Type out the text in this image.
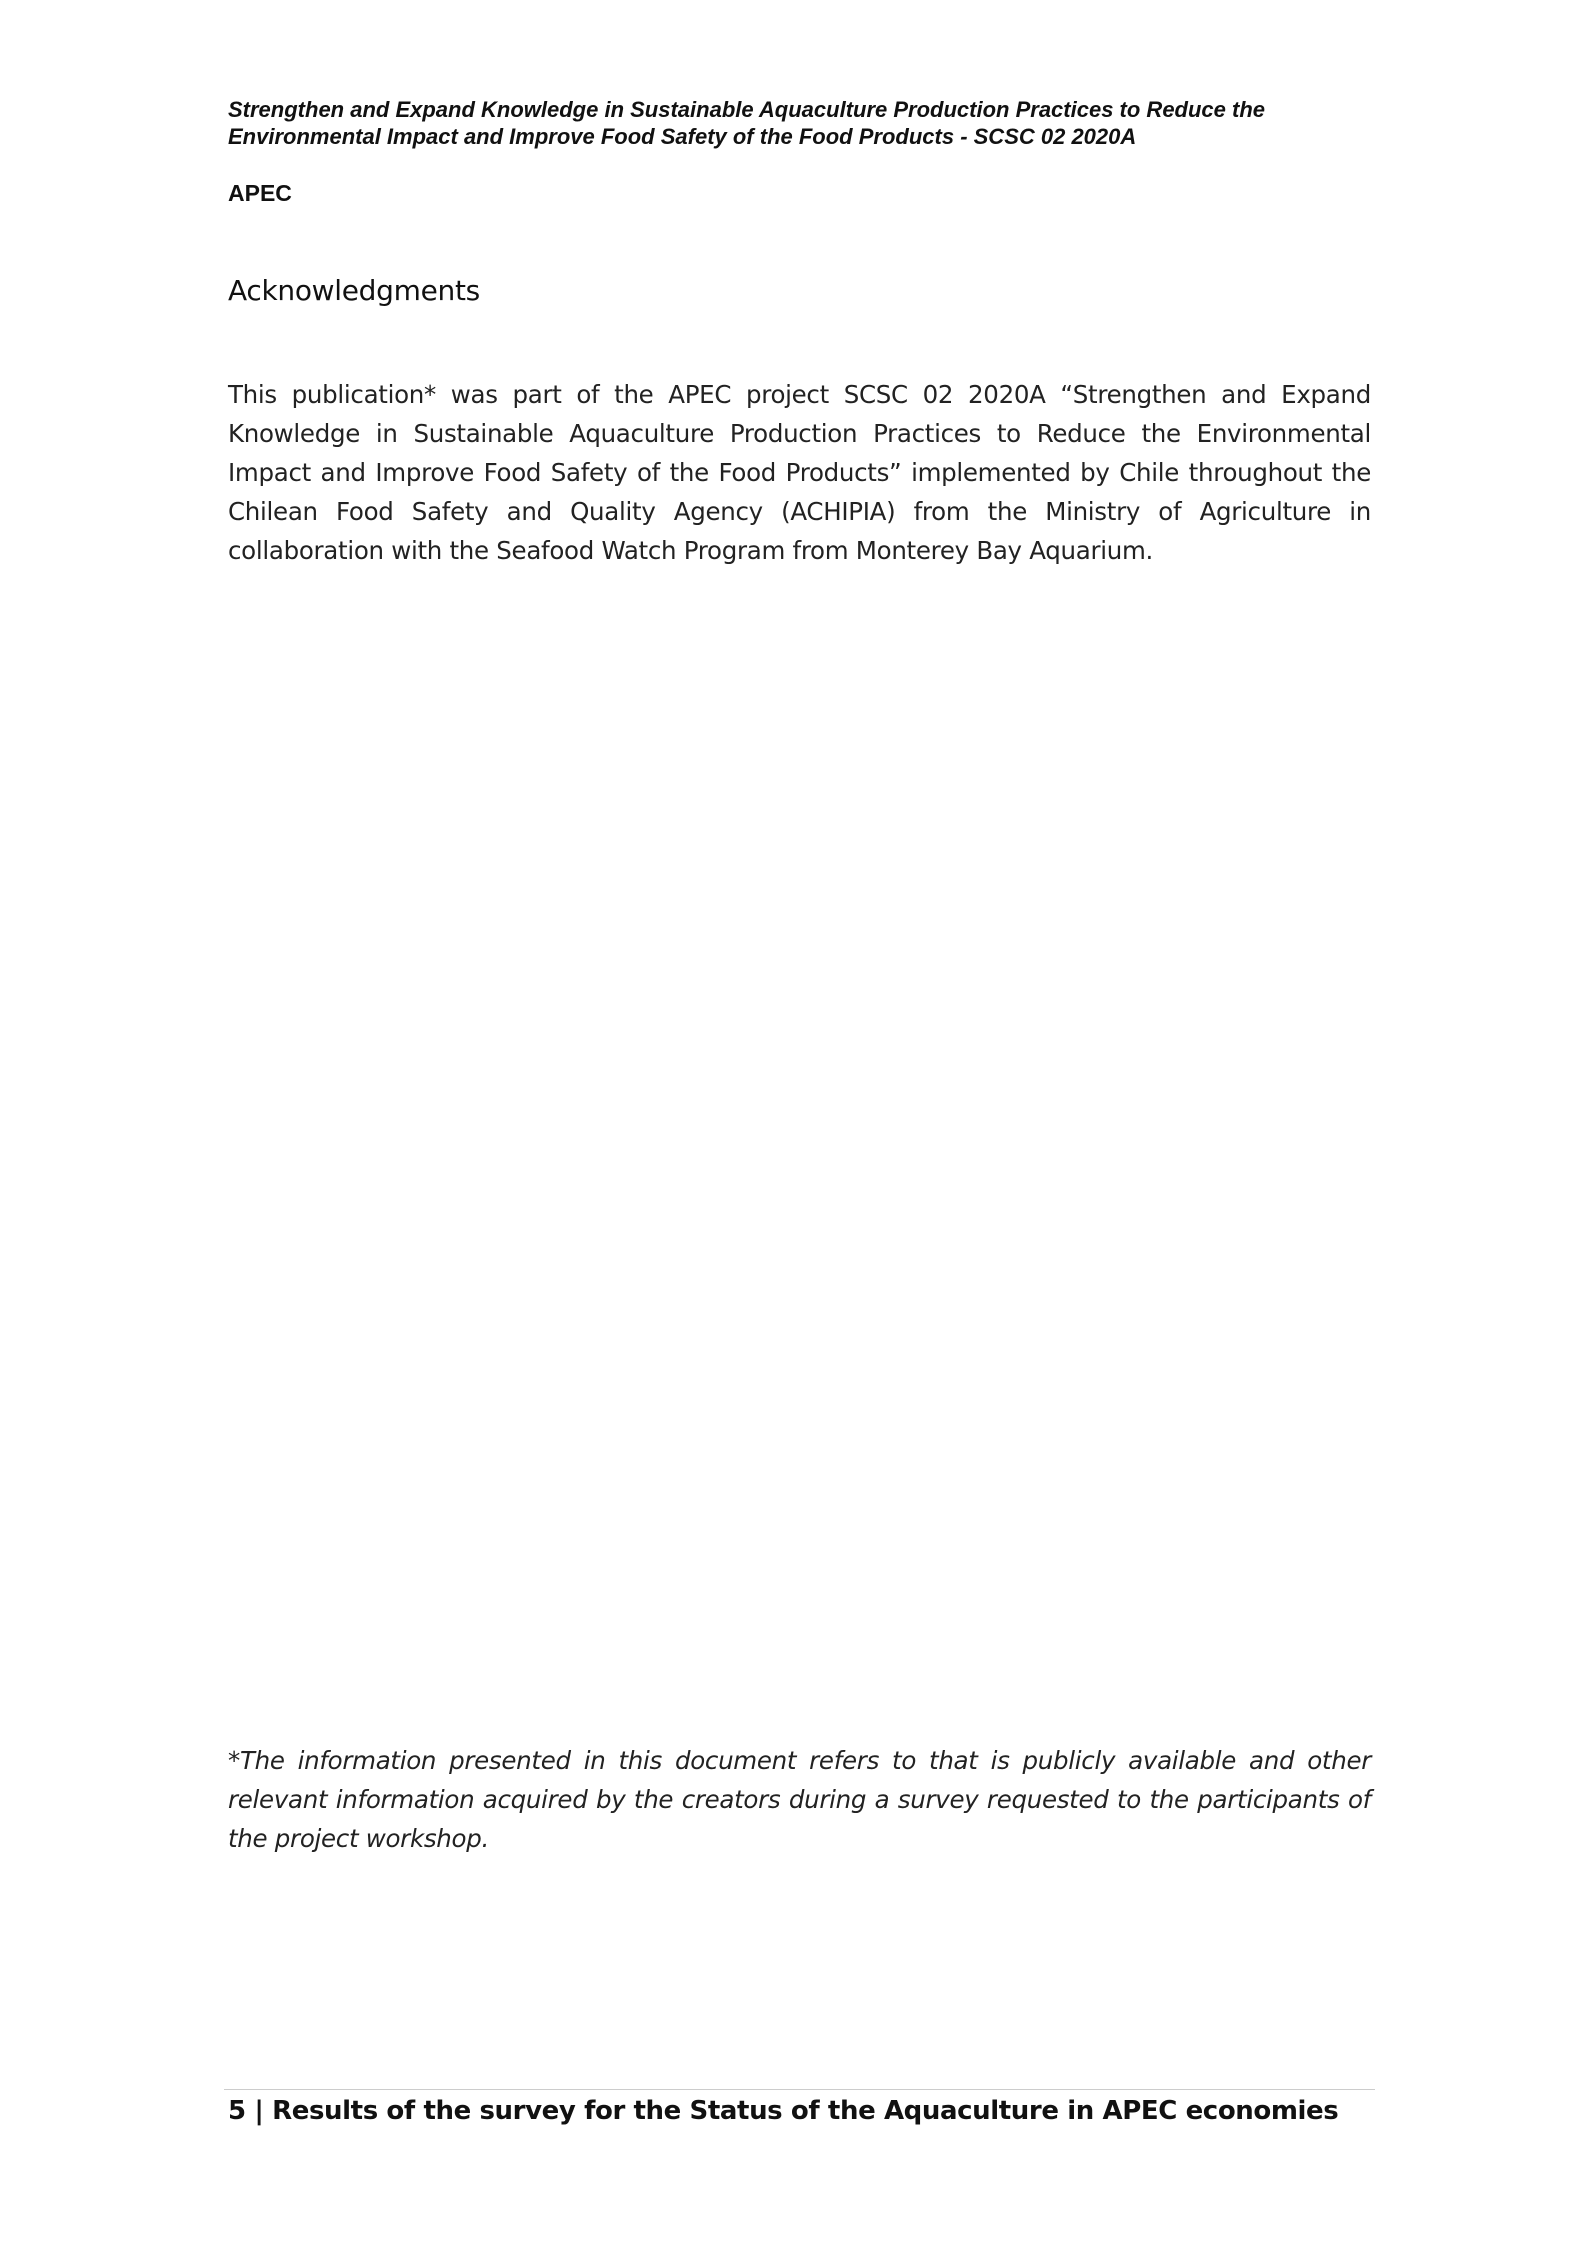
Strengthen and Expand Knowledge in Sustainable Aquaculture Production Practices to Reduce the Environmental Impact and Improve Food Safety of the Food Products - SCSC 02 2020A

APEC

Acknowledgments

This publication* was part of the APEC project SCSC 02 2020A “Strengthen and Expand Knowledge in Sustainable Aquaculture Production Practices to Reduce the Environmental Impact and Improve Food Safety of the Food Products” implemented by Chile throughout the Chilean Food Safety and Quality Agency (ACHIPIA) from the Ministry of Agriculture in collaboration with the Seafood Watch Program from Monterey Bay Aquarium.

*The information presented in this document refers to that is publicly available and other relevant information acquired by the creators during a survey requested to the participants of the project workshop.

5 | Results of the survey for the Status of the Aquaculture in APEC economies
